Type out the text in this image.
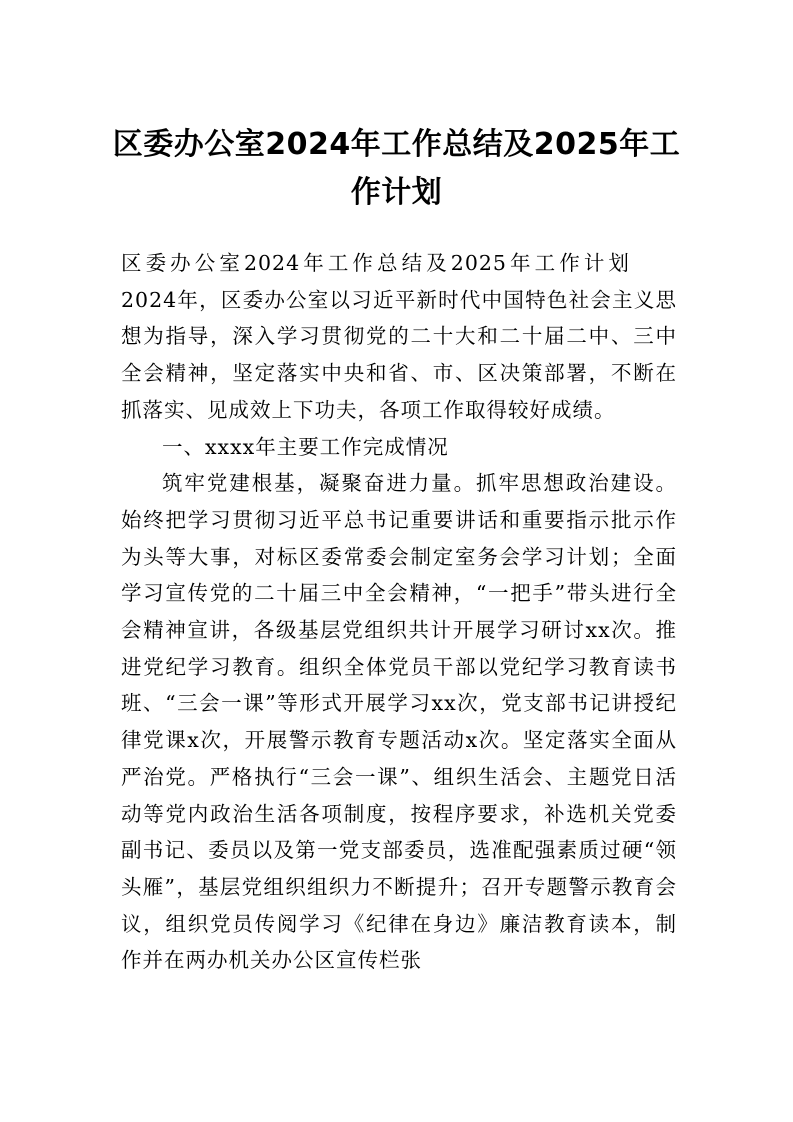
区委办公室2024年工作总结及2025年工作计划

区委办公室2024年工作总结及2025年工作计划2024年，区委办公室以习近平新时代中国特色社会主义思想为指导，深入学习贯彻党的二十大和二十届二中、三中全会精神，坚定落实中央和省、市、区决策部署，不断在抓落实、见成效上下功夫，各项工作取得较好成绩。

一、xxxx年主要工作完成情况

筑牢党建根基，凝聚奋进力量。抓牢思想政治建设。始终把学习贯彻习近平总书记重要讲话和重要指示批示作为头等大事，对标区委常委会制定室务会学习计划；全面学习宣传党的二十届三中全会精神，“一把手”带头进行全会精神宣讲，各级基层党组织共计开展学习研讨xx次。推进党纪学习教育。组织全体党员干部以党纪学习教育读书班、“三会一课”等形式开展学习xx次，党支部书记讲授纪律党课x次，开展警示教育专题活动x次。坚定落实全面从严治党。严格执行“三会一课”、组织生活会、主题党日活动等党内政治生活各项制度，按程序要求，补选机关党委副书记、委员以及第一党支部委员，选准配强素质过硬“领头雁”，基层党组织组织力不断提升；召开专题警示教育会议，组织党员传阅学习《纪律在身边》廉洁教育读本，制作并在两办机关办公区宣传栏张
